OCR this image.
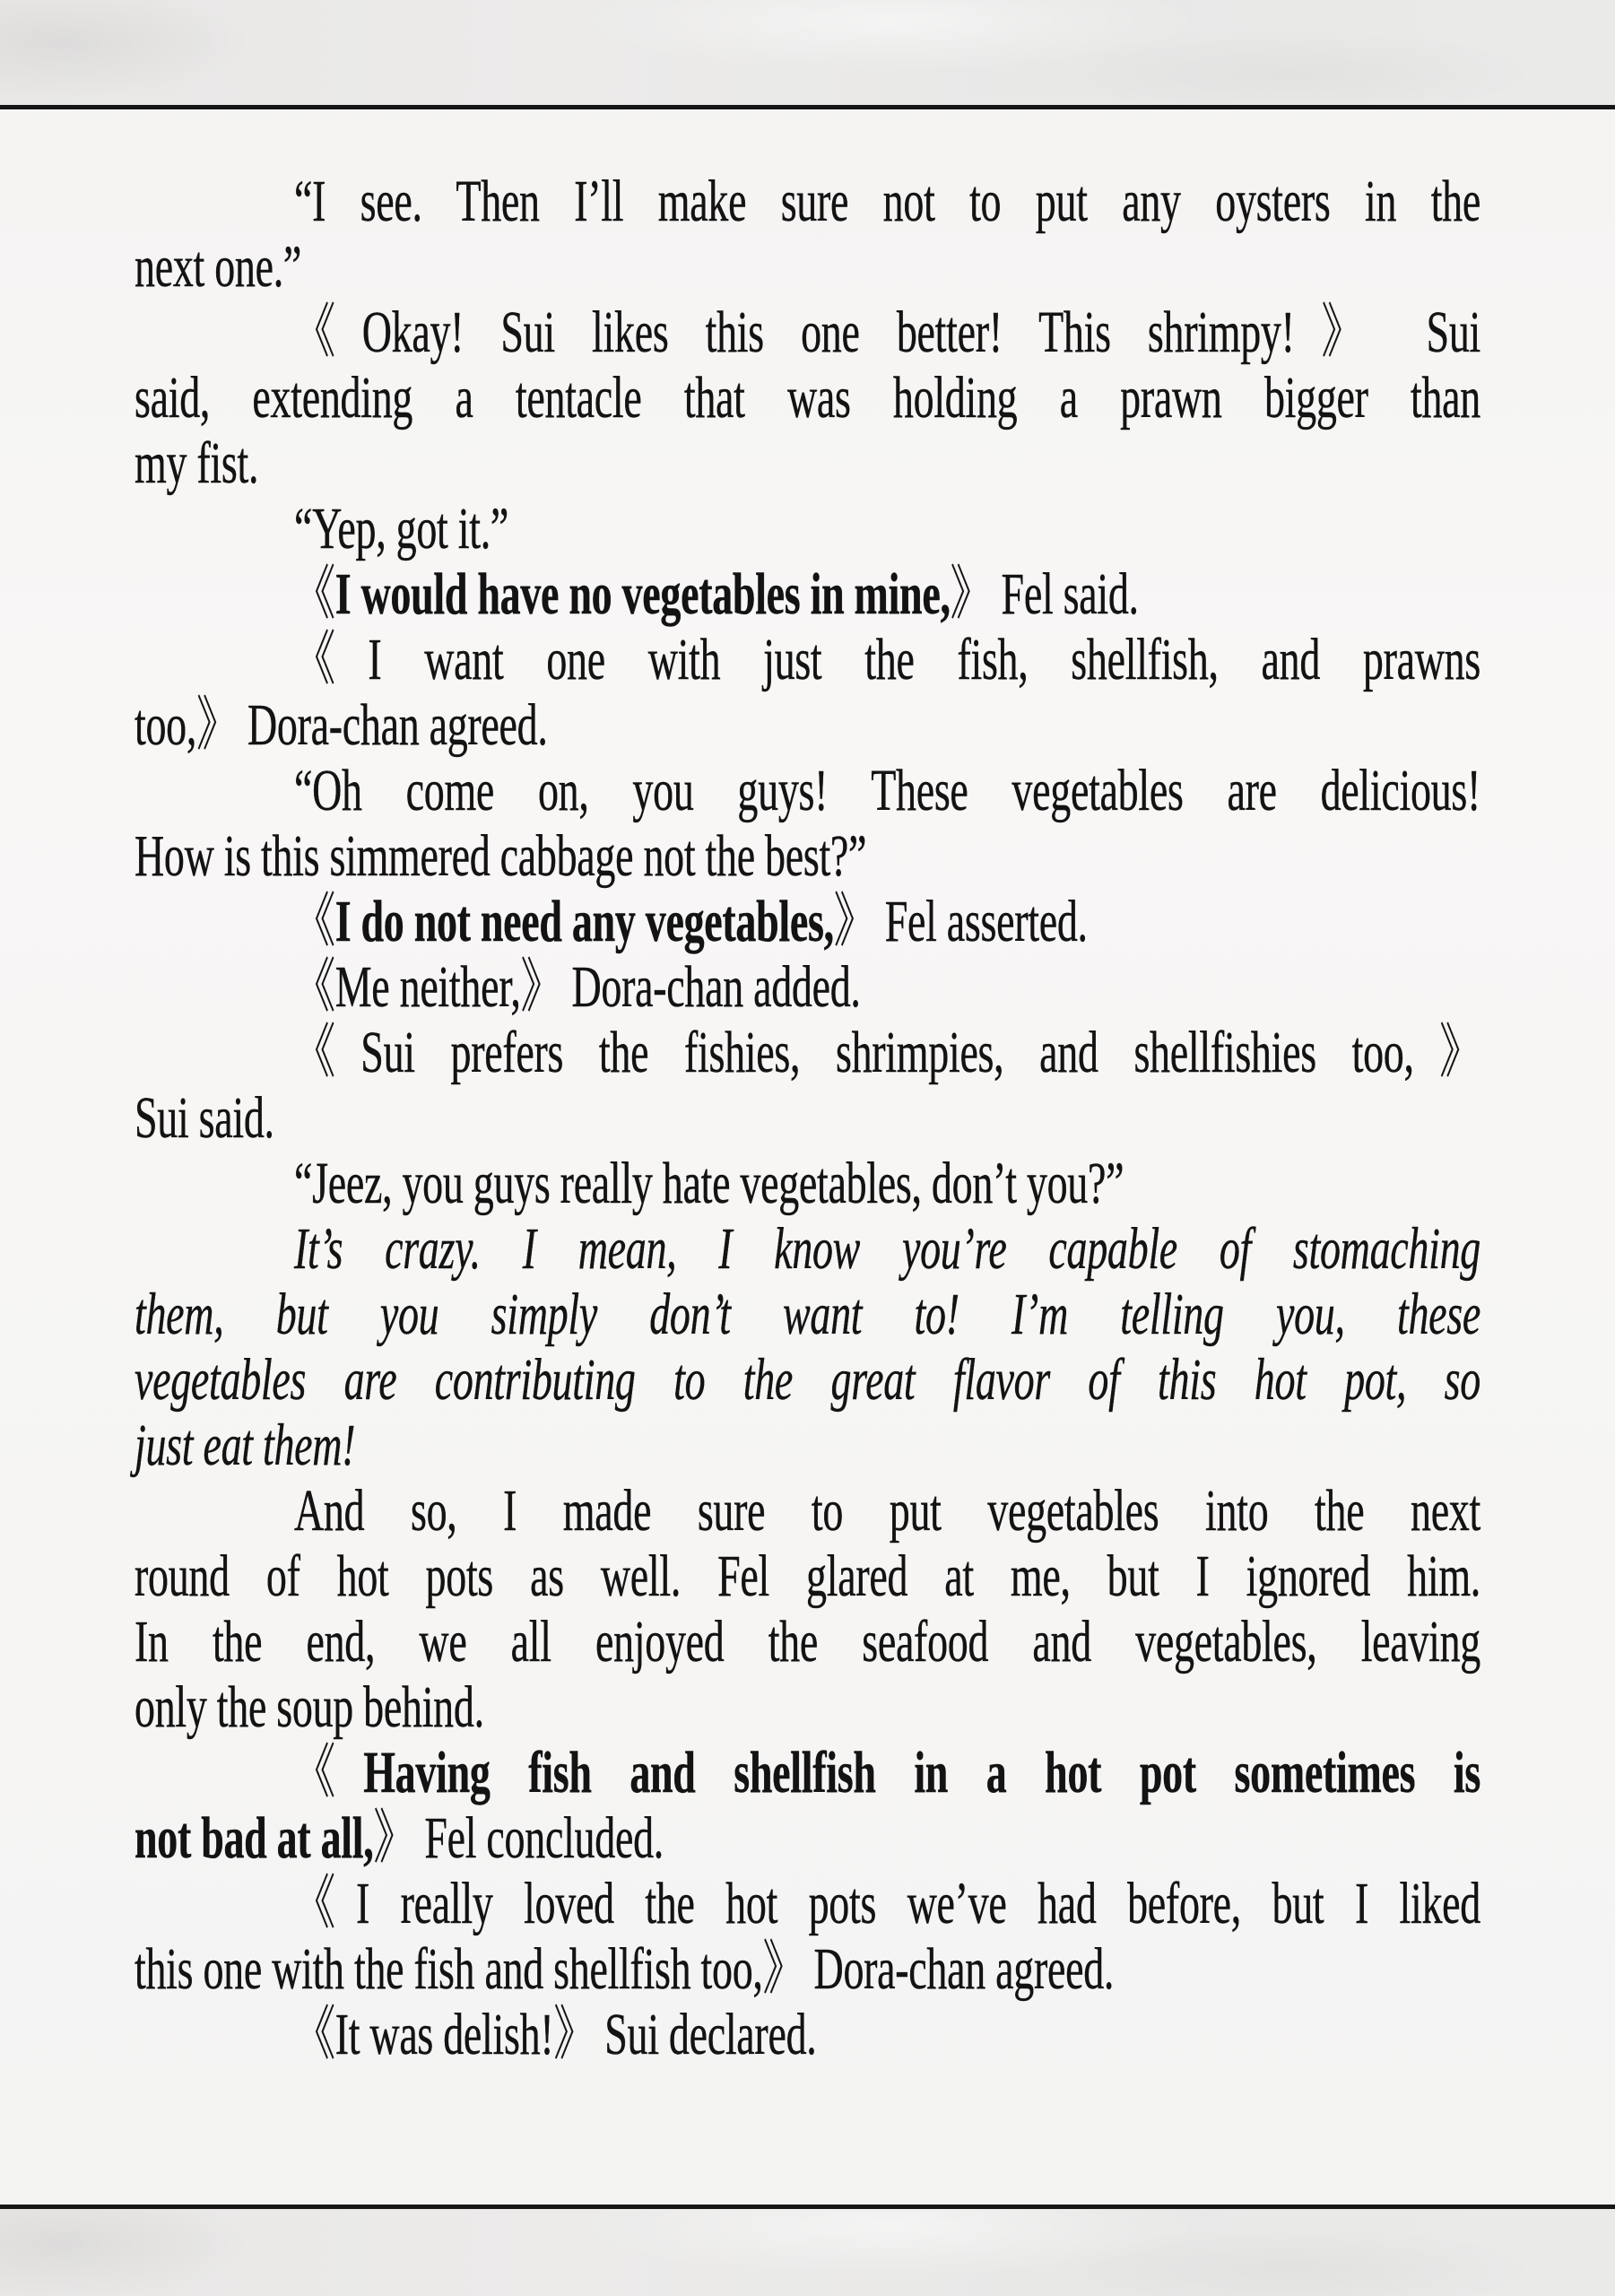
“I see. Then I’ll make sure not to put any oysters in the
next one.”
《Okay! Sui likes this one better! This shrimpy!》 Sui
said, extending a tentacle that was holding a prawn bigger than
my fist.
“Yep, got it.”
《I would have no vegetables in mine,》 Fel said.
《I want one with just the fish, shellfish, and prawns
too,》 Dora-chan agreed.
“Oh come on, you guys! These vegetables are delicious!
How is this simmered cabbage not the best?”
《I do not need any vegetables,》 Fel asserted.
《Me neither,》 Dora-chan added.
《Sui prefers the fishies, shrimpies, and shellfishies too,》
Sui said.
“Jeez, you guys really hate vegetables, don’t you?”
It’s crazy. I mean, I know you’re capable of stomaching
them, but you simply don’t want to! I’m telling you, these
vegetables are contributing to the great flavor of this hot pot, so
just eat them!
And so, I made sure to put vegetables into the next
round of hot pots as well. Fel glared at me, but I ignored him.
In the end, we all enjoyed the seafood and vegetables, leaving
only the soup behind.
《Having fish and shellfish in a hot pot sometimes is
not bad at all,》 Fel concluded.
《I really loved the hot pots we’ve had before, but I liked
this one with the fish and shellfish too,》 Dora-chan agreed.
《It was delish!》 Sui declared.
